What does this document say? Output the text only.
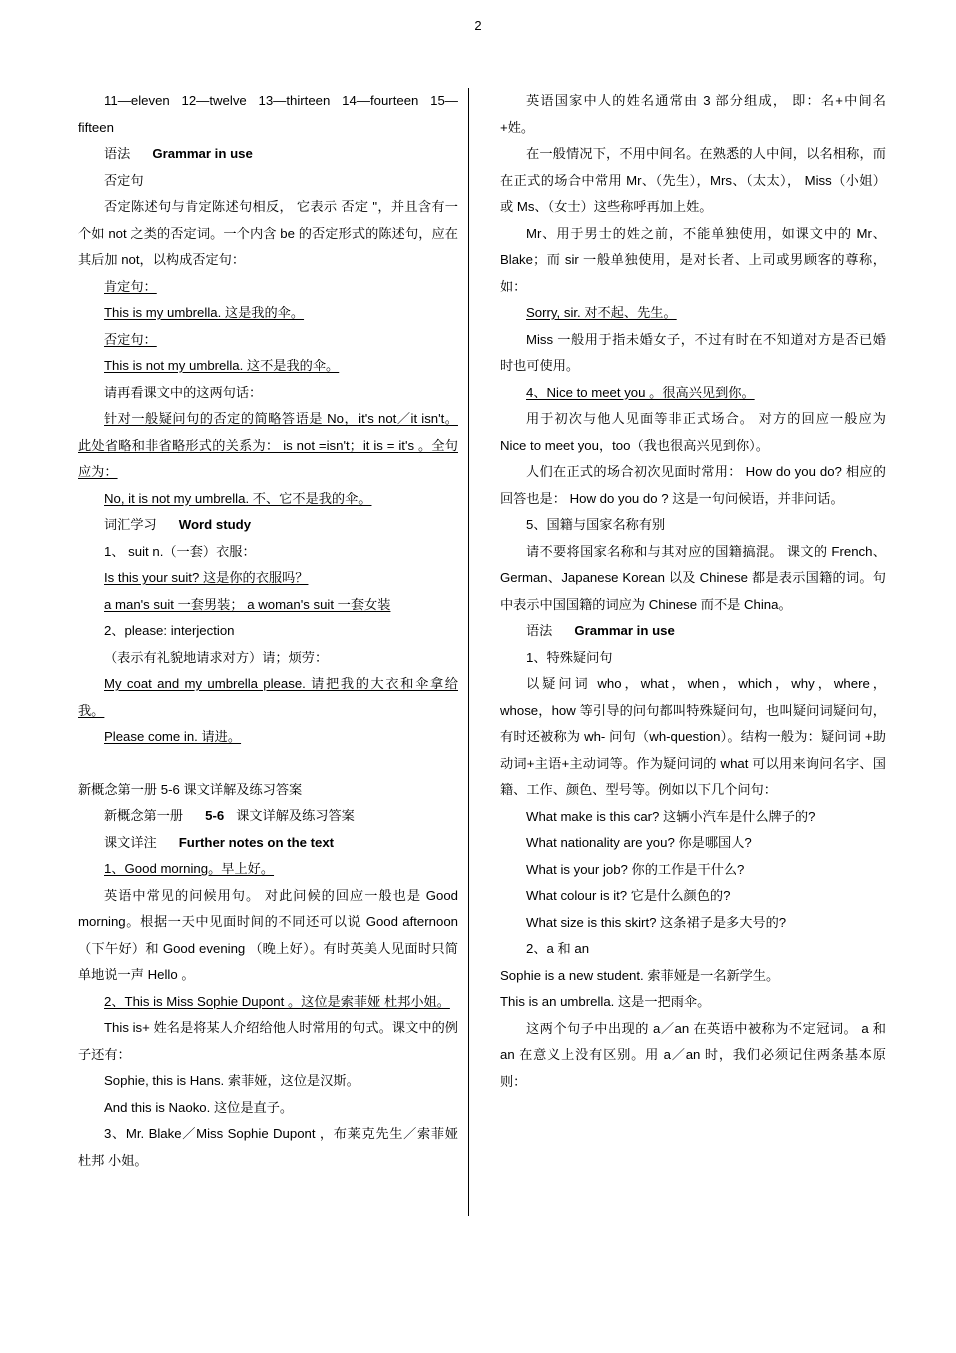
2

11—eleven 12—twelve 13—thirteen 14—fourteen 15—fifteen

语法 Grammar in use

否定句

否定陈述句与肯定陈述句相反， 它表示 否定 "，并且含有一个如 not 之类的否定词。一个内含 be 的否定形式的陈述句，应在其后加 not，以构成否定句：

肯定句：

This is my umbrella. 这是我的伞。

否定句：

This is not my umbrella. 这不是我的伞。

请再看课文中的这两句话：

针对一般疑问句的否定的简略答语是 No，it's not／it isn't。此处省略和非省略形式的关系为： is not =isn't；it is = it's 。全句应为：

No, it is not my umbrella. 不、它不是我的伞。

词汇学习 Word study

1、 suit n.（一套）衣服：

Is this your suit? 这是你的衣服吗？

a man's suit 一套男装； a woman's suit 一套女装

2、please: interjection

（表示有礼貌地请求对方）请；烦劳：

My coat and my umbrella please. 请把我的大衣和伞拿给我。

Please come in. 请进。

新概念第一册 5-6 课文详解及练习答案

新概念第一册 5-6 课文详解及练习答案

课文详注 Further notes on the text

1、Good morning。早上好。

英语中常见的问候用句。 对此问候的回应一般也是 Good morning。根据一天中见面时间的不同还可以说 Good afternoon （下午好）和 Good evening （晚上好）。有时英美人见面时只简单地说一声 Hello 。

2、This is Miss Sophie Dupont 。这位是索菲娅 杜邦小姐。

This is+ 姓名是将某人介绍给他人时常用的句式。课文中的例子还有：

Sophie, this is Hans. 索菲娅，这位是汉斯。

And this is Naoko. 这位是直子。

3、Mr. Blake／Miss Sophie Dupont ，布莱克先生／索菲娅 杜邦 小姐。

英语国家中人的姓名通常由 3 部分组成， 即：名+中间名+姓。

在一般情况下，不用中间名。在熟悉的人中间，以名相称，而在正式的场合中常用 Mr、（先生），Mrs、（太太）， Miss（小姐）或 Ms、（女士）这些称呼再加上姓。

Mr、用于男士的姓之前，不能单独使用，如课文中的 Mr、Blake；而 sir 一般单独使用，是对长者、上司或男顾客的尊称，如：

Sorry, sir. 对不起、先生。

Miss 一般用于指未婚女子，不过有时在不知道对方是否已婚时也可使用。

4、Nice to meet you 。很高兴见到你。

用于初次与他人见面等非正式场合。 对方的回应一般应为 Nice to meet you，too（我也很高兴见到你）。

人们在正式的场合初次见面时常用： How do you do? 相应的回答也是： How do you do ? 这是一句问候语，并非问话。

5、国籍与国家名称有别

请不要将国家名称和与其对应的国籍搞混。 课文的 French、German、Japanese Korean 以及 Chinese 都是表示国籍的词。句中表示中国国籍的词应为 Chinese 而不是 China。

语法 Grammar in use

1、特殊疑问句

以疑问词 who，what，when，which，why，where，whose，how 等引导的问句都叫特殊疑问句，也叫疑问词疑问句， 有时还被称为 wh- 问句（wh-question）。结构一般为：疑问词 +助动词+主语+主动词等。作为疑问词的 what 可以用来询问名字、国籍、工作、颜色、型号等。例如以下几个问句：

What make is this car? 这辆小汽车是什么牌子的?

What nationality are you? 你是哪国人?

What is your job? 你的工作是干什么?

What colour is it? 它是什么颜色的?

What size is this skirt? 这条裙子是多大号的?

2、a 和 an

Sophie is a new student. 索菲娅是一名新学生。

This is an umbrella. 这是一把雨伞。

这两个句子中出现的 a／an 在英语中被称为不定冠词。 a 和 an 在意义上没有区别。用 a／an 时，我们必须记住两条基本原则：
